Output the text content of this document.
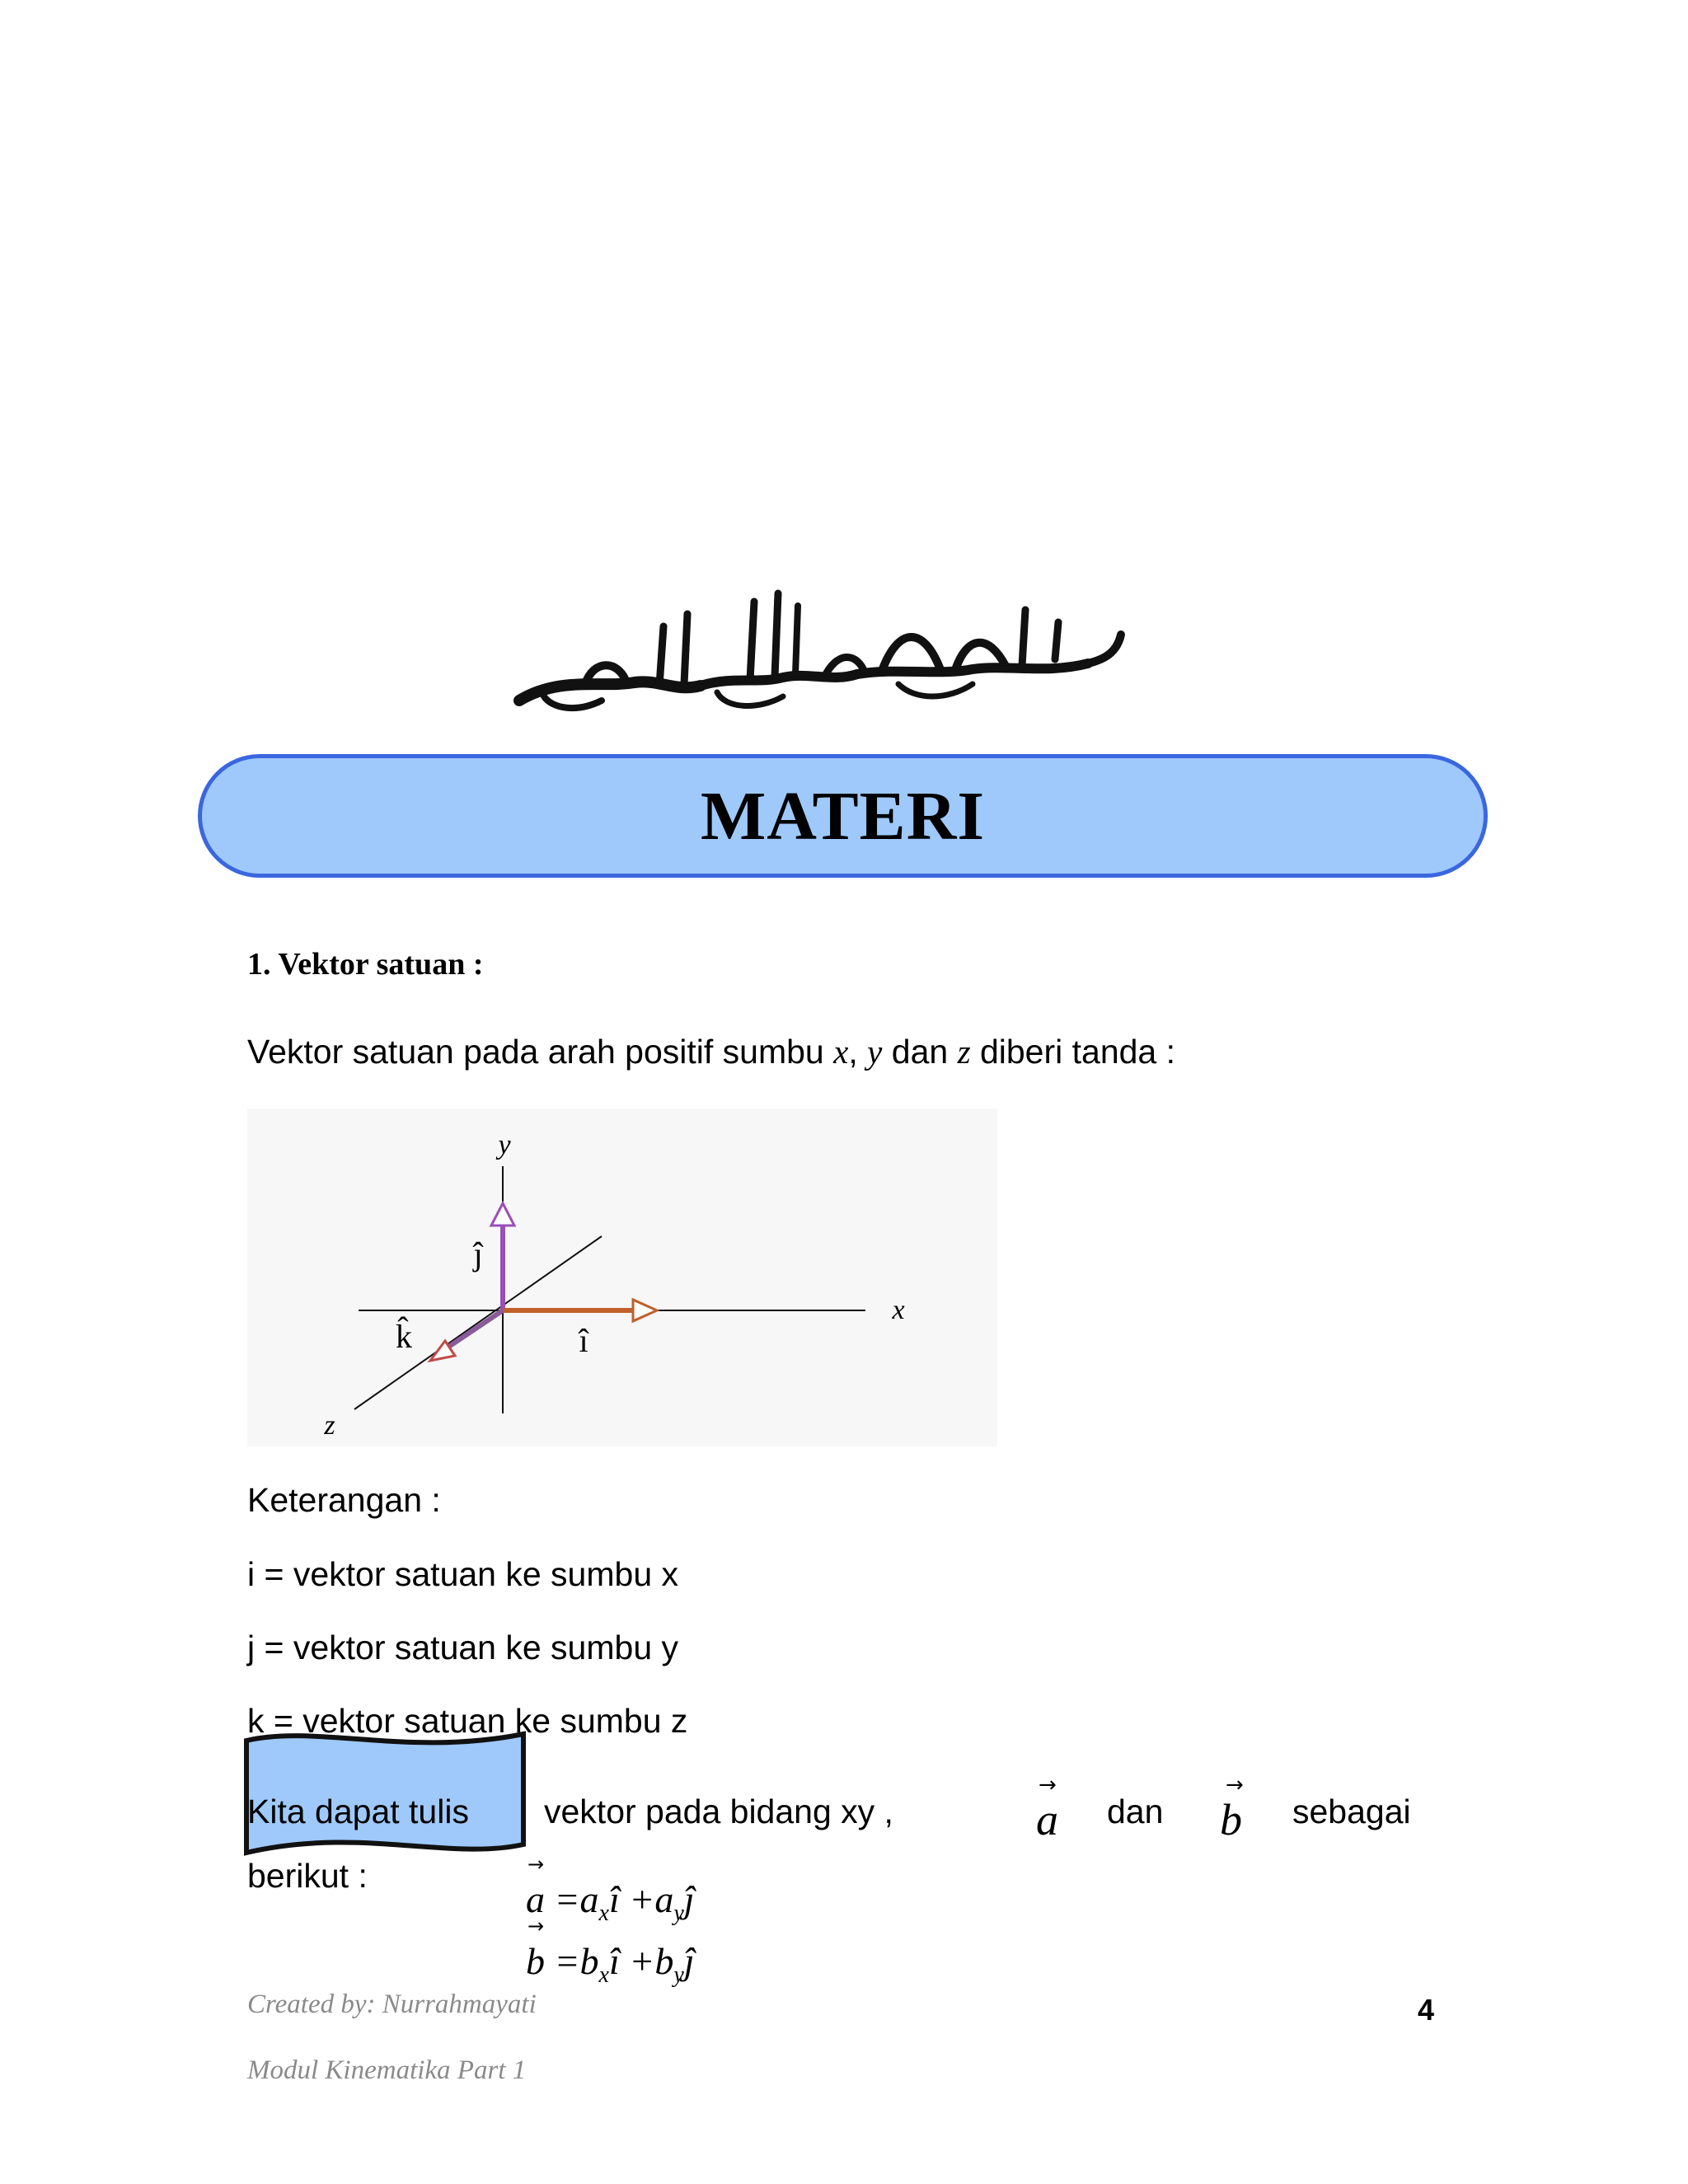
MATERI
1. Vektor satuan :
Vektor satuan pada arah positif sumbu x, y dan z diberi tanda :
y
x
z
ĵ
î
k̂
Keterangan :
i = vektor satuan ke sumbu x
j = vektor satuan ke sumbu y
k = vektor satuan ke sumbu z
Kita dapat tulis vektor pada bidang xy ,
→
a dan
→
b sebagai
berikut :	→
$a =a_xî$ $+a_yĵ$
→
$b =b_xî$ $+b_yĵ$
Created by: Nurrahmayati	4
Modul Kinematika Part 1
